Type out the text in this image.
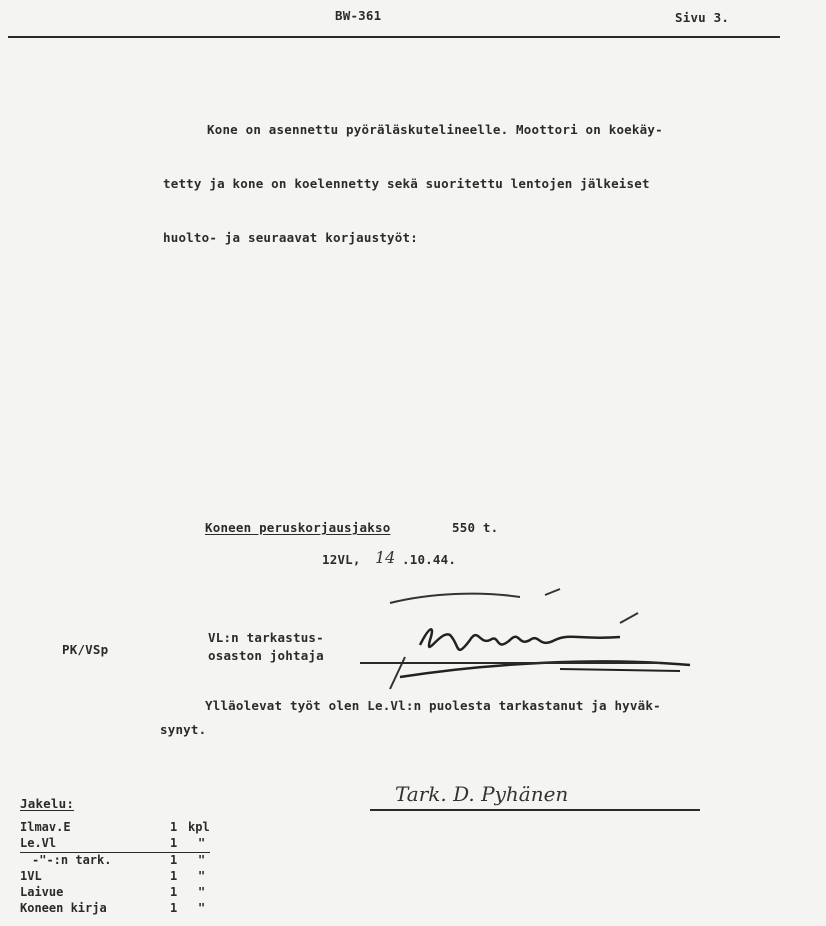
BW-361	Sivu 3.

Kone on asennettu pyöräläskutelineelle. Moottori on koekäy-

tetty ja kone on koelennetty sekä suoritettu lentojen jälkeiset

huolto- ja seuraavat korjaustyöt:

Koneen peruskorjausjakso	550 t.
12VL, 14 .10.44.
PK/VSp
VL:n tarkastus-
osaston johtaja
Ylläolevat työt olen Le.Vl:n puolesta tarkastanut ja hyväk-
synyt.
Tark. D. Pyhänen
Jakelu:
Ilmav.E	1 kpl
Le.Vl	1 "
-"-:n tark.	1 "
1VL	1 "
Laivue	1 "
Koneen kirja	1 "
